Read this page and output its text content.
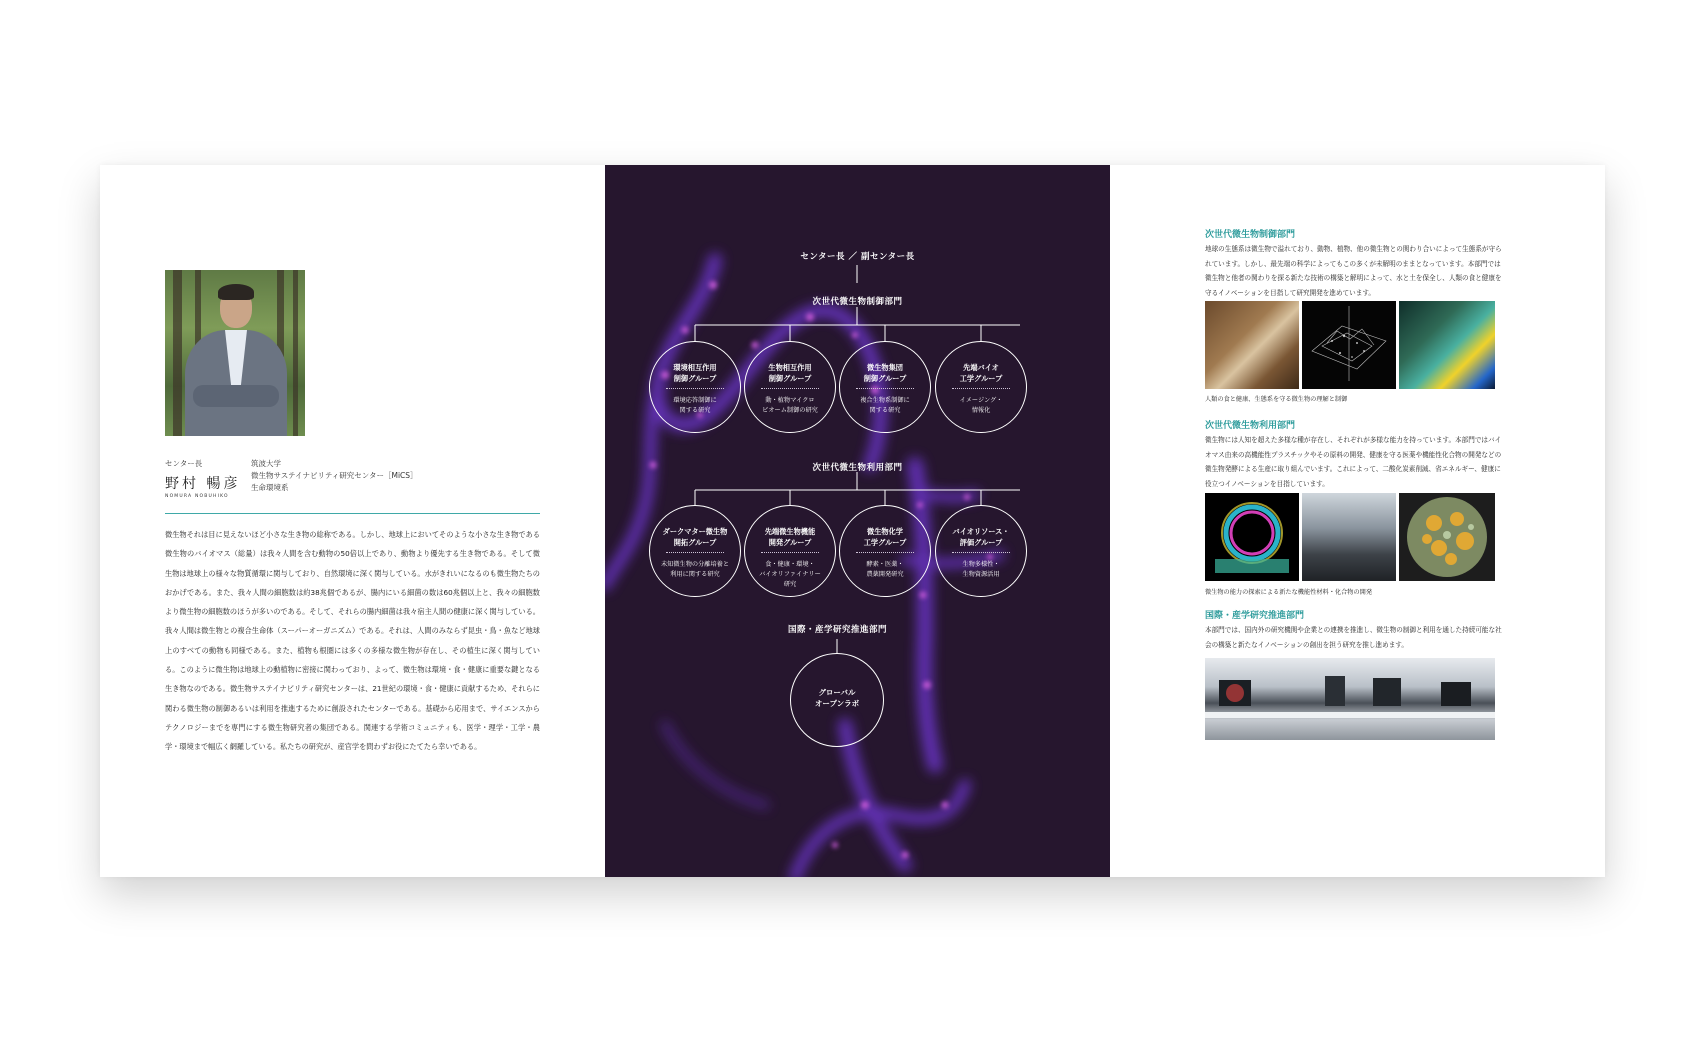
センター長
野村 暢彦
NOMURA NOBUHIKO
筑波大学
微生物サステイナビリティ研究センター［MiCS］
生命環境系
微生物それは目に見えないほど小さな生き物の総称である。しかし、地球上においてそのような小さな生き物である微生物のバイオマス（総量）は我々人間を含む動物の50倍以上であり、動物より優先する生き物である。そして微生物は地球上の様々な物質循環に関与しており、自然環境に深く関与している。水がきれいになるのも微生物たちのおかげである。また、我々人間の細胞数は約38兆個であるが、腸内にいる細菌の数は60兆個以上と、我々の細胞数より微生物の細胞数のほうが多いのである。そして、それらの腸内細菌は我々宿主人間の健康に深く関与している。我々人間は微生物との複合生命体（スーパーオーガニズム）である。それは、人間のみならず昆虫・鳥・魚など地球上のすべての動物も同様である。また、植物も根圏には多くの多様な微生物が存在し、その植生に深く関与している。このように微生物は地球上の動植物に密接に関わっており、よって、微生物は環境・食・健康に重要な鍵となる生き物なのである。微生物サステイナビリティ研究センターは、21世紀の環境・食・健康に貢献するため、それらに関わる微生物の制御あるいは利用を推進するために創設されたセンターである。基礎から応用まで、サイエンスからテクノロジーまでを専門にする微生物研究者の集団である。関連する学術コミュニティも、医学・理学・工学・農学・環境まで幅広く網羅している。私たちの研究が、産官学を問わずお役にたてたら幸いである。
センター長 ／ 副センター長
次世代微生物制御部門
環境相互作用
制御グループ
環境応答制御に
関する研究
生物相互作用
制御グループ
動・植物マイクロ
ビオーム制御の研究
微生物集団
制御グループ
複合生物系制御に
関する研究
先端バイオ
工学グループ
イメージング・
情報化
次世代微生物利用部門
ダークマター微生物
開拓グループ
未知微生物の分離培養と
利用に関する研究
先端微生物機能
開発グループ
食・健康・環境・
バイオリファイナリー
研究
微生物化学
工学グループ
酵素・医薬・
農薬開発研究
バイオリソース・
評価グループ
生物多様性・
生物資源活用
国際・産学研究推進部門
グローバル
オープンラボ
次世代微生物制御部門
地球の生態系は微生物で溢れており、動物、植物、他の微生物との関わり合いによって生態系が守られています。しかし、最先端の科学によってもこの多くが未解明のままとなっています。本部門では微生物と他者の関わりを探る新たな技術の構築と解明によって、水と土を保全し、人類の食と健康を守るイノベーションを目指して研究開発を進めています。
人類の食と健康、生態系を守る微生物の理解と制御
次世代微生物利用部門
微生物には人知を超えた多様な種が存在し、それぞれが多様な能力を持っています。本部門ではバイオマス由来の高機能性プラスチックやその原料の開発、健康を守る医薬や機能性化合物の開発などの微生物発酵による生産に取り組んでいます。これによって、二酸化炭素削減、省エネルギー、健康に役立つイノベーションを目指しています。
微生物の能力の探索による新たな機能性材料・化合物の開発
国際・産学研究推進部門
本部門では、国内外の研究機関や企業との連携を推進し、微生物の制御と利用を通した持続可能な社会の構築と新たなイノベーションの創出を担う研究を推し進めます。
